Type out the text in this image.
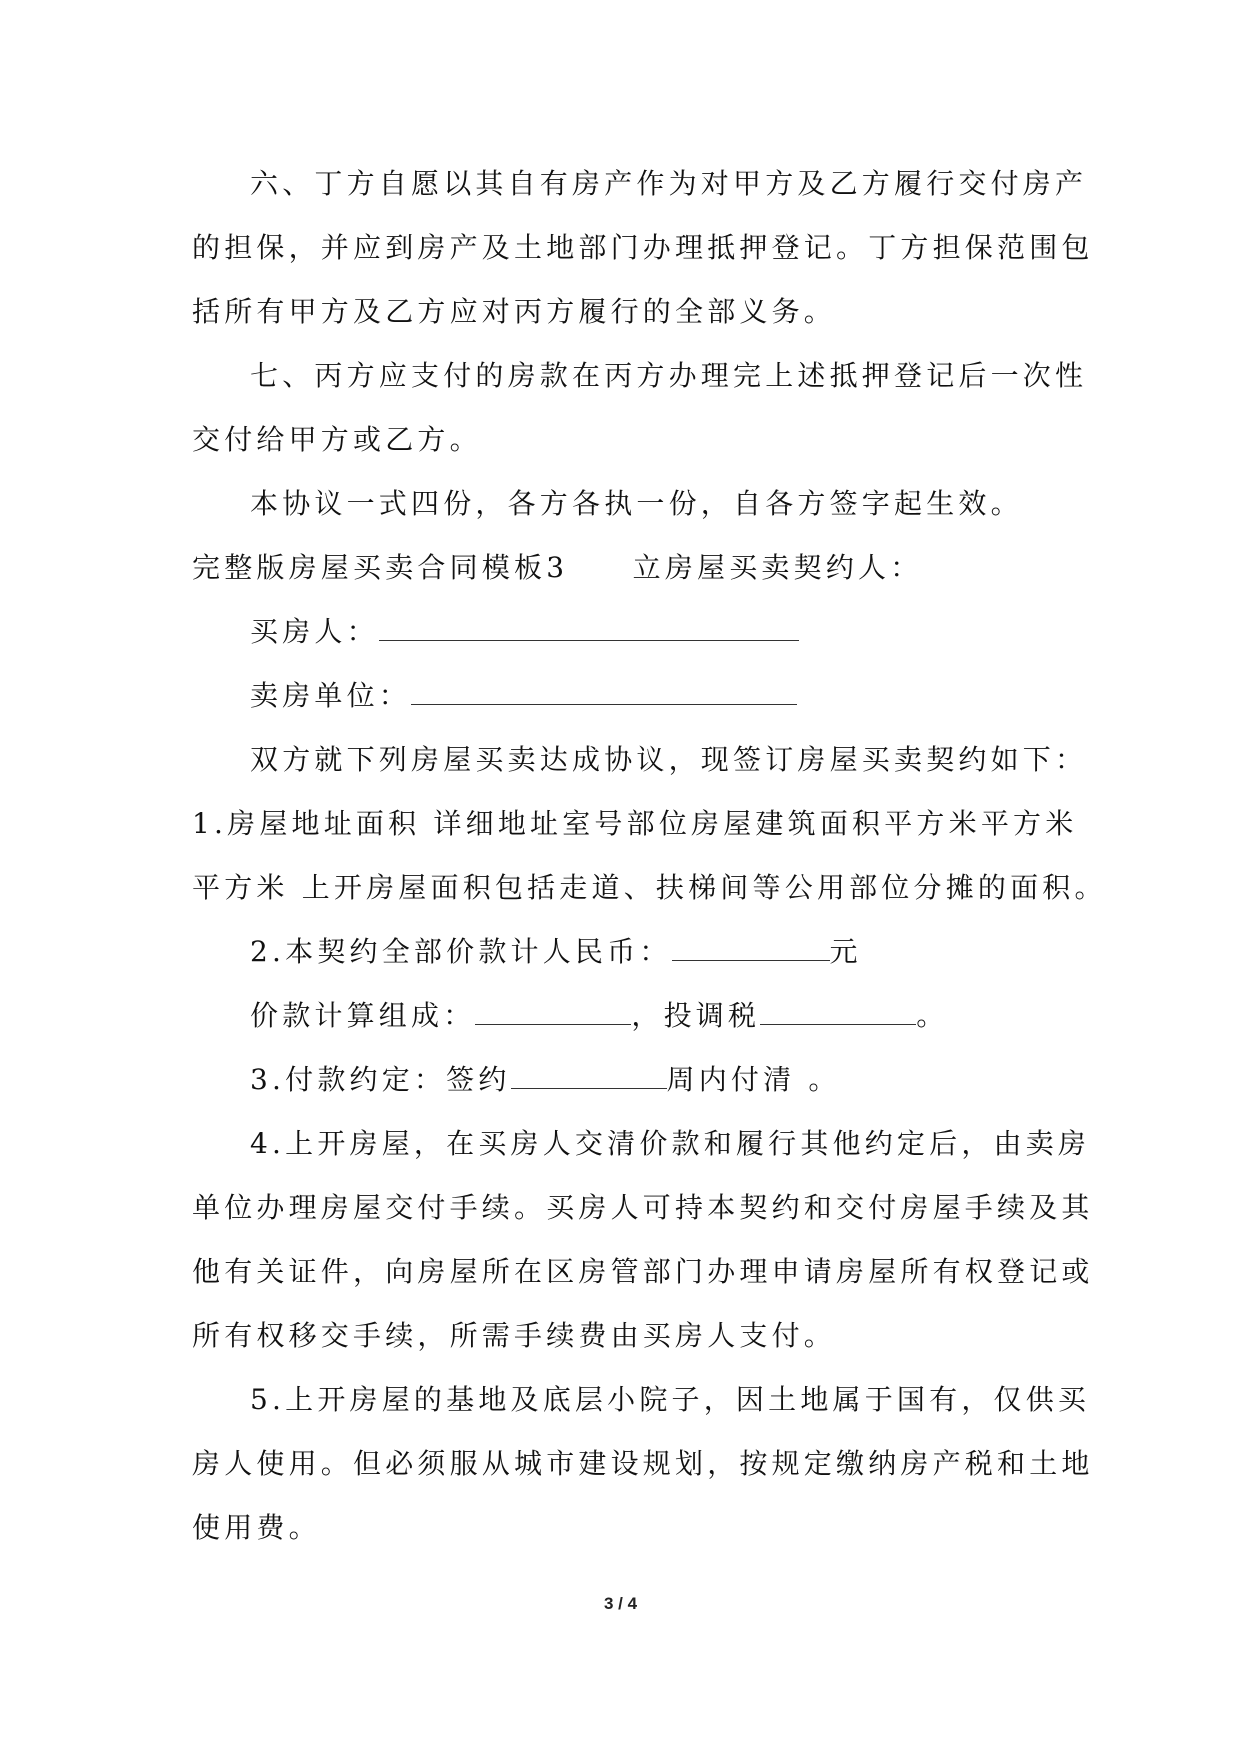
六、丁方自愿以其自有房产作为对甲方及乙方履行交付房产
的担保，并应到房产及土地部门办理抵押登记。丁方担保范围包
括所有甲方及乙方应对丙方履行的全部义务。
七、丙方应支付的房款在丙方办理完上述抵押登记后一次性
交付给甲方或乙方。
本协议一式四份，各方各执一份，自各方签字起生效。
完整版房屋买卖合同模板3　　立房屋买卖契约人：
买房人：
卖房单位：
双方就下列房屋买卖达成协议，现签订房屋买卖契约如下：
1.房屋地址面积 详细地址室号部位房屋建筑面积平方米平方米
平方米 上开房屋面积包括走道、扶梯间等公用部位分摊的面积。
2.本契约全部价款计人民币：	元
价款计算组成：	，投调税	。
3.付款约定：签约	周内付清 。
4.上开房屋，在买房人交清价款和履行其他约定后，由卖房
单位办理房屋交付手续。买房人可持本契约和交付房屋手续及其
他有关证件，向房屋所在区房管部门办理申请房屋所有权登记或
所有权移交手续，所需手续费由买房人支付。
5.上开房屋的基地及底层小院子，因土地属于国有，仅供买
房人使用。但必须服从城市建设规划，按规定缴纳房产税和土地
使用费。
3 / 4
